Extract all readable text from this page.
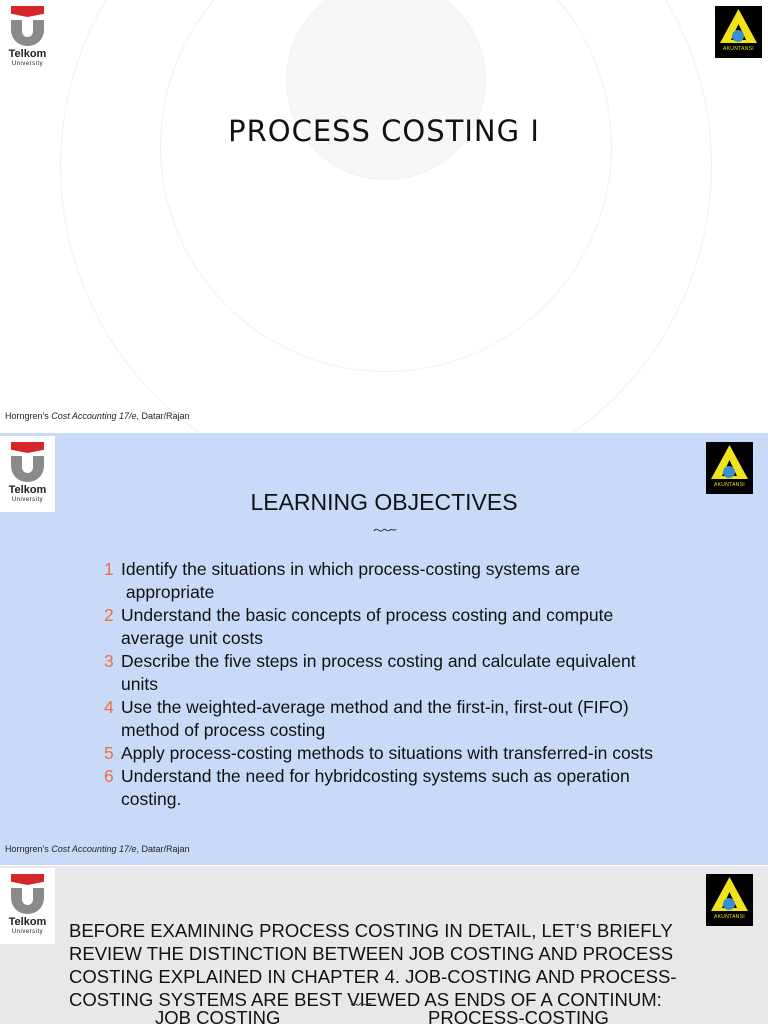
Telkom
University
AKUNTANSI
PROCESS COSTING I
Horngren's Cost Accounting 17/e, Datar/Rajan
Telkom
University
AKUNTANSI
LEARNING OBJECTIVES
1 Identify the situations in which process-costing systems are
appropriate
2 Understand the basic concepts of process costing and compute
average unit costs
3 Describe the five steps in process costing and calculate equivalent
units
4 Use the weighted-average method and the first-in, first-out (FIFO)
method of process costing
5 Apply process-costing methods to situations with transferred-in costs
6 Understand the need for hybridcosting systems such as operation
costing.
Horngren's Cost Accounting 17/e, Datar/Rajan
Telkom
University
AKUNTANSI
BEFORE EXAMINING PROCESS COSTING IN DETAIL, LET’S BRIEFLY REVIEW THE DISTINCTION BETWEEN JOB COSTING AND PROCESS COSTING EXPLAINED IN CHAPTER 4. JOB-COSTING AND PROCESS-COSTING SYSTEMS ARE BEST VIEWED AS ENDS OF A CONTINUM:
JOB COSTING	PROCESS-COSTING
